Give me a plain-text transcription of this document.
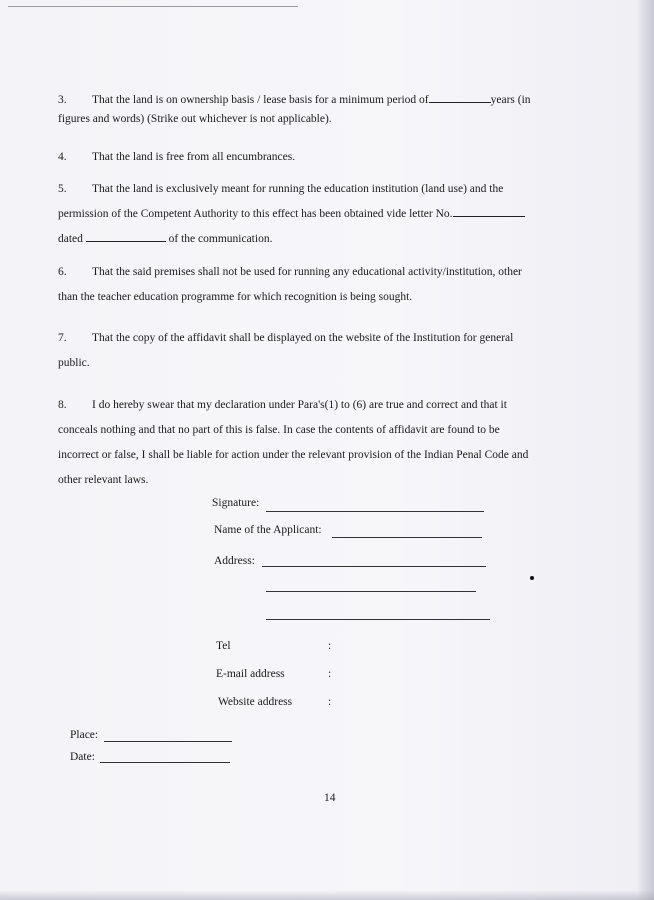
3. That the land is on ownership basis / lease basis for a minimum period of	years (in
figures and words) (Strike out whichever is not applicable).
4. That the land is free from all encumbrances.
5. That the land is exclusively meant for running the education institution (land use) and the
permission of the Competent Authority to this effect has been obtained vide letter No.
dated	of the communication.
6. That the said premises shall not be used for running any educational activity/institution, other
than the teacher education programme for which recognition is being sought.
7. That the copy of the affidavit shall be displayed on the website of the Institution for general
public.
8. I do hereby swear that my declaration under Para's(1) to (6) are true and correct and that it
conceals nothing and that no part of this is false. In case the contents of affidavit are found to be
incorrect or false, I shall be liable for action under the relevant provision of the Indian Penal Code and
other relevant laws.
Signature:
Name of the Applicant:
Address:
Tel	:
E-mail address	:
Website address	:
Place:
Date:
14
